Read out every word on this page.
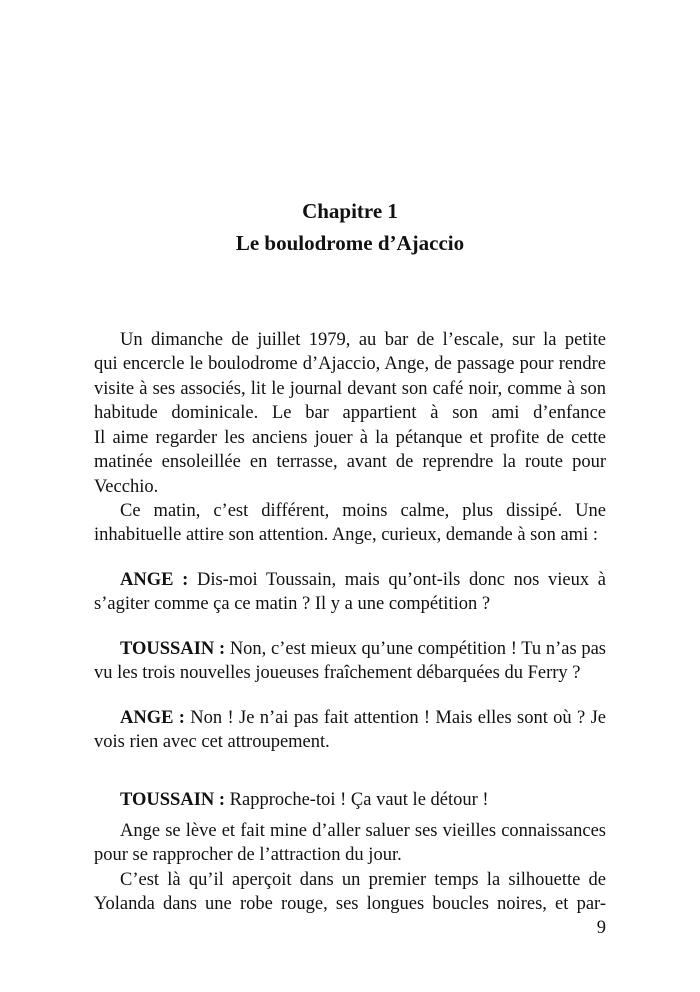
Chapitre 1
Le boulodrome d’Ajaccio
Un dimanche de juillet 1979, au bar de l’escale, sur la petite
qui encercle le boulodrome d’Ajaccio, Ange, de passage pour rendre
visite à ses associés, lit le journal devant son café noir, comme à son
habitude dominicale. Le bar appartient à son ami d’enfance
Il aime regarder les anciens jouer à la pétanque et profite de cette
matinée ensoleillée en terrasse, avant de reprendre la route pour
Vecchio.
Ce matin, c’est différent, moins calme, plus dissipé. Une
inhabituelle attire son attention. Ange, curieux, demande à son ami :
ANGE : Dis-moi Toussain, mais qu’ont-ils donc nos vieux à
s’agiter comme ça ce matin ? Il y a une compétition ?
TOUSSAIN : Non, c’est mieux qu’une compétition ! Tu n’as pas
vu les trois nouvelles joueuses fraîchement débarquées du Ferry ?
ANGE : Non ! Je n’ai pas fait attention ! Mais elles sont où ? Je
vois rien avec cet attroupement.
TOUSSAIN : Rapproche-toi ! Ça vaut le détour !
Ange se lève et fait mine d’aller saluer ses vieilles connaissances
pour se rapprocher de l’attraction du jour.
C’est là qu’il aperçoit dans un premier temps la silhouette de
Yolanda dans une robe rouge, ses longues boucles noires, et par-
9
